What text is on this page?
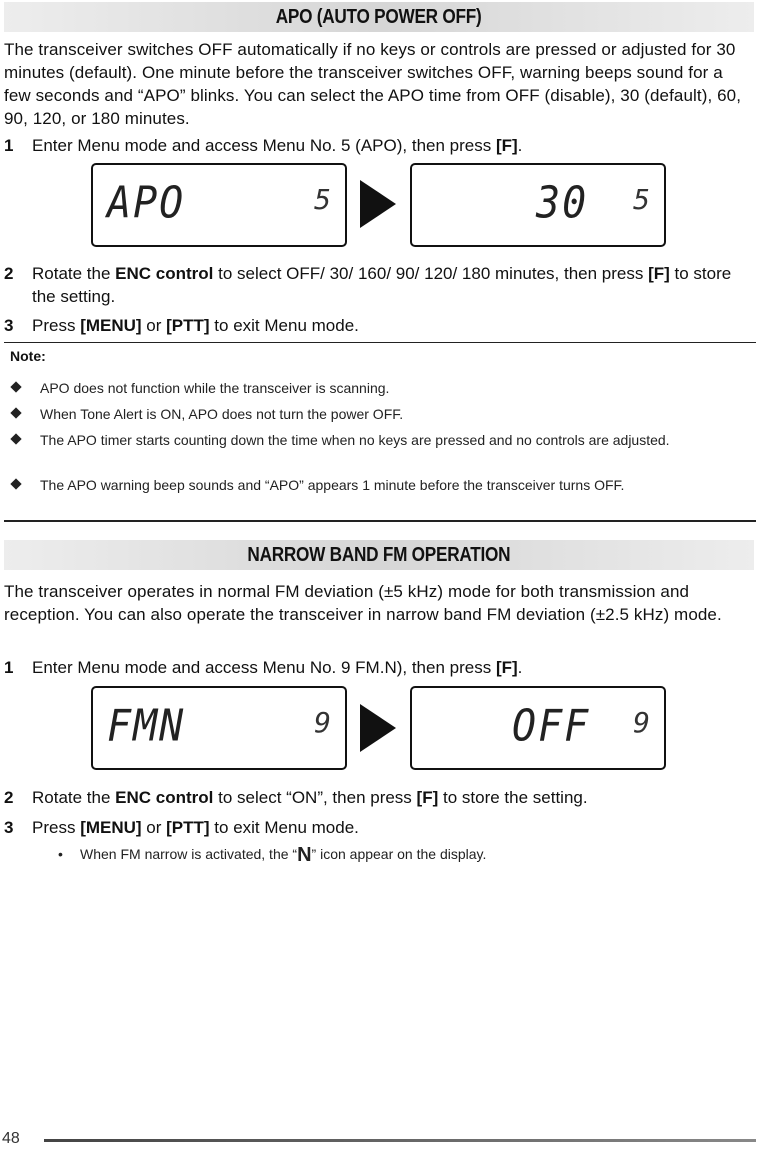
APO (AUTO POWER OFF)
The transceiver switches OFF automatically if no keys or controls are pressed or adjusted for 30 minutes (default). One minute before the transceiver switches OFF, warning beeps sound for a few seconds and “APO” blinks. You can select the APO time from OFF (disable), 30 (default), 60, 90, 120, or 180 minutes.
1	Enter Menu mode and access Menu No. 5 (APO), then press [F].
APO	5	30 5
2	Rotate the ENC control to select OFF/ 30/ 160/ 90/ 120/ 180 minutes, then press [F] to store the setting.
3	Press [MENU] or [PTT] to exit Menu mode.
Note:
APO does not function while the transceiver is scanning.
When Tone Alert is ON, APO does not turn the power OFF.
The APO timer starts counting down the time when no keys are pressed and no controls are adjusted.
The APO warning beep sounds and “APO” appears 1 minute before the transceiver turns OFF.
NARROW BAND FM OPERATION
The transceiver operates in normal FM deviation (±5 kHz) mode for both transmission and reception. You can also operate the transceiver in narrow band FM deviation (±2.5 kHz) mode.
1	Enter Menu mode and access Menu No. 9 FM.N), then press [F].
FMN	9	OFF 9
2	Rotate the ENC control to select “ON”, then press [F] to store the setting.
3	Press [MENU] or [PTT] to exit Menu mode.
• When FM narrow is activated, the “N” icon appear on the display.
48
